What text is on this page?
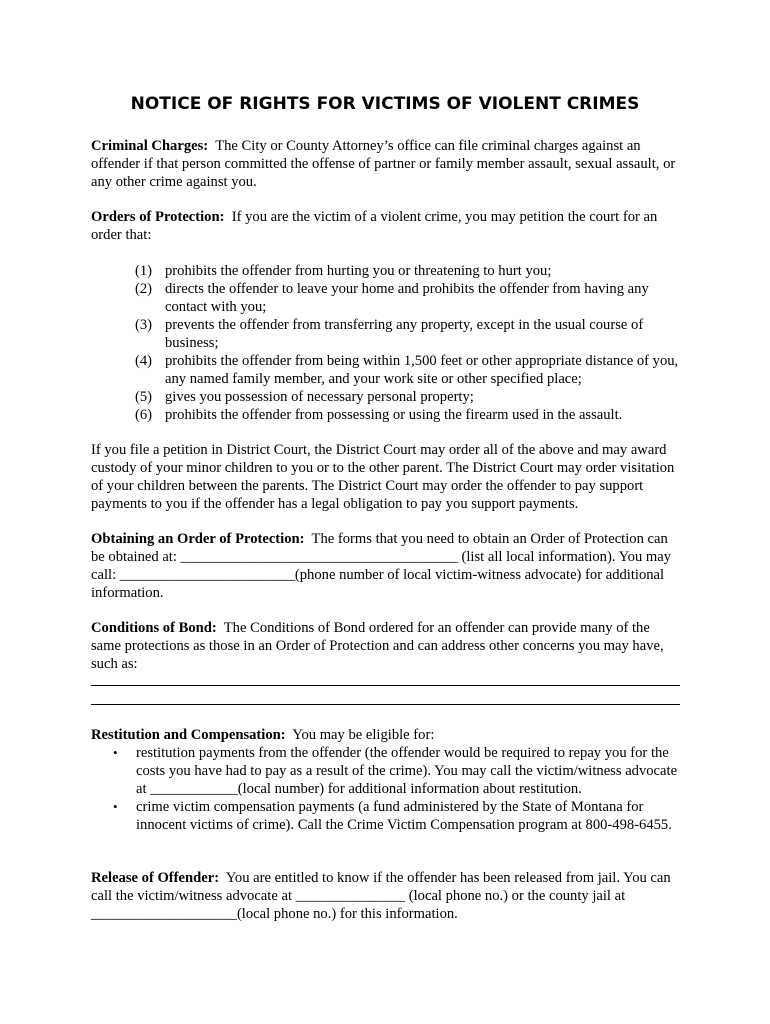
NOTICE OF RIGHTS FOR VICTIMS OF VIOLENT CRIMES
Criminal Charges: The City or County Attorney’s office can file criminal charges against an offender if that person committed the offense of partner or family member assault, sexual assault, or any other crime against you.
Orders of Protection: If you are the victim of a violent crime, you may petition the court for an order that:
(1) prohibits the offender from hurting you or threatening to hurt you;
(2) directs the offender to leave your home and prohibits the offender from having any contact with you;
(3) prevents the offender from transferring any property, except in the usual course of business;
(4) prohibits the offender from being within 1,500 feet or other appropriate distance of you, any named family member, and your work site or other specified place;
(5) gives you possession of necessary personal property;
(6) prohibits the offender from possessing or using the firearm used in the assault.
If you file a petition in District Court, the District Court may order all of the above and may award custody of your minor children to you or to the other parent. The District Court may order visitation of your children between the parents. The District Court may order the offender to pay support payments to you if the offender has a legal obligation to pay you support payments.
Obtaining an Order of Protection: The forms that you need to obtain an Order of Protection can be obtained at: ______________________________________ (list all local information). You may call: ________________________(phone number of local victim-witness advocate) for additional information.
Conditions of Bond: The Conditions of Bond ordered for an offender can provide many of the same protections as those in an Order of Protection and can address other concerns you may have, such as:
Restitution and Compensation: You may be eligible for:
• restitution payments from the offender (the offender would be required to repay you for the costs you have had to pay as a result of the crime). You may call the victim/witness advocate at ____________(local number) for additional information about restitution.
• crime victim compensation payments (a fund administered by the State of Montana for innocent victims of crime). Call the Crime Victim Compensation program at 800-498-6455.
Release of Offender: You are entitled to know if the offender has been released from jail. You can call the victim/witness advocate at _______________ (local phone no.) or the county jail at ____________________(local phone no.) for this information.
